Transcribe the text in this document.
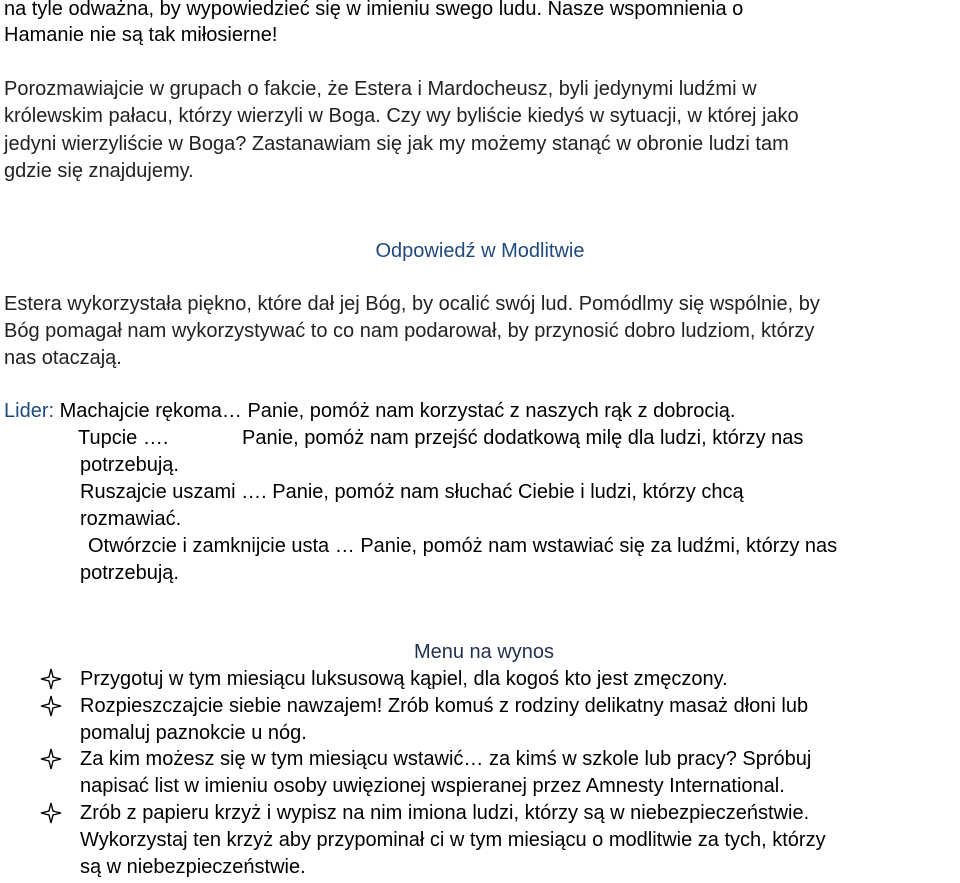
na tyle odważna, by wypowiedzieć się w imieniu swego ludu. Nasze wspomnienia o
Hamanie nie są tak miłosierne!
Porozmawiajcie w grupach o fakcie, że Estera i Mardocheusz, byli jedynymi ludźmi w
królewskim pałacu, którzy wierzyli w Boga. Czy wy byliście kiedyś w sytuacji, w której jako
jedyni wierzyliście w Boga? Zastanawiam się jak my możemy stanąć w obronie ludzi tam
gdzie się znajdujemy.
Odpowiedź w Modlitwie
Estera wykorzystała piękno, które dał jej Bóg, by ocalić swój lud. Pomódlmy się wspólnie, by
Bóg pomagał nam wykorzystywać to co nam podarował, by przynosić dobro ludziom, którzy
nas otaczają.
Lider: Machajcie rękoma… Panie, pomóż nam korzystać z naszych rąk z dobrocią.
Tupcie ….	Panie, pomóż nam przejść dodatkową milę dla ludzi, którzy nas
potrzebują.
Ruszajcie uszami …. Panie, pomóż nam słuchać Ciebie i ludzi, którzy chcą
rozmawiać.
Otwórzcie i zamknijcie usta … Panie, pomóż nam wstawiać się za ludźmi, którzy nas
potrzebują.
Menu na wynos
Przygotuj w tym miesiącu luksusową kąpiel, dla kogoś kto jest zmęczony.
Rozpieszczajcie siebie nawzajem! Zrób komuś z rodziny delikatny masaż dłoni lub
pomaluj paznokcie u nóg.
Za kim możesz się w tym miesiącu wstawić… za kimś w szkole lub pracy? Spróbuj
napisać list w imieniu osoby uwięzionej wspieranej przez Amnesty International.
Zrób z papieru krzyż i wypisz na nim imiona ludzi, którzy są w niebezpieczeństwie.
Wykorzystaj ten krzyż aby przypominał ci w tym miesiącu o modlitwie za tych, którzy
są w niebezpieczeństwie.
